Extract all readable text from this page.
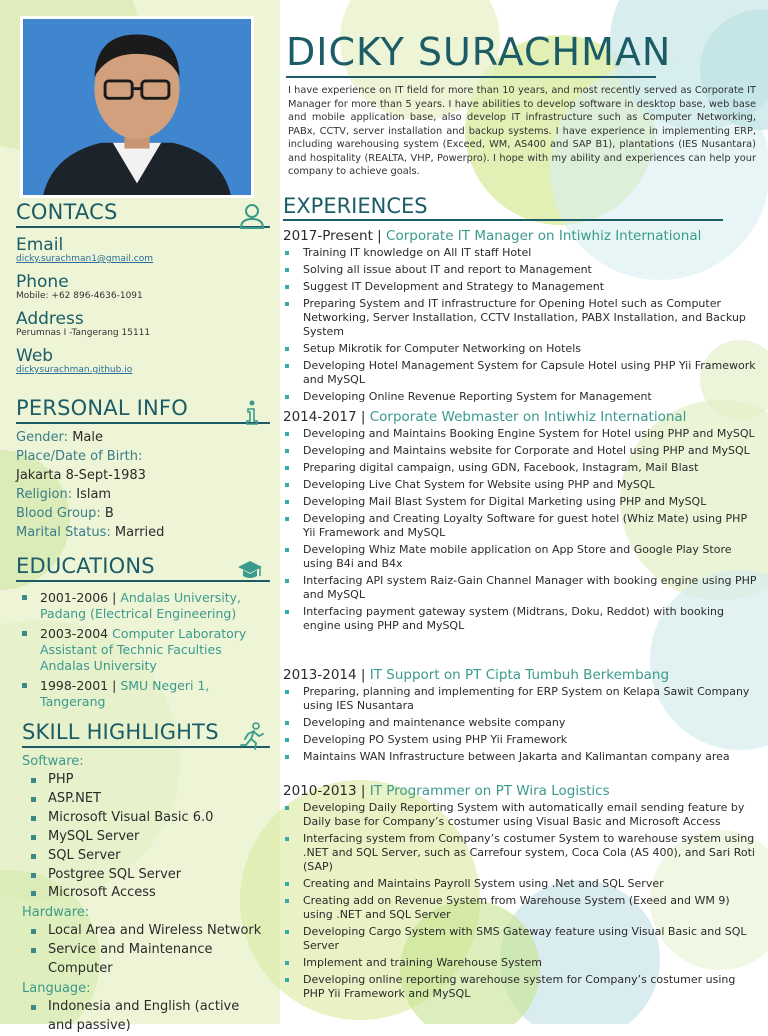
DICKY SURACHMAN
I have experience on IT field for more than 10 years, and most recently served as Corporate IT Manager for more than 5 years. I have abilities to develop software in desktop base, web base and mobile application base, also develop IT infrastructure such as Computer Networking, PABx, CCTV, server installation and backup systems. I have experience in implementing ERP, including warehousing system (Exceed, WM, AS400 and SAP B1), plantations (IES Nusantara) and hospitality (REALTA, VHP, Powerpro). I hope with my ability and experiences can help your company to achieve goals.
CONTACS
Email
dicky.surachman1@gmail.com
Phone
Mobile: +62 896-4636-1091
Address
Perumnas I -Tangerang 15111
Web
dickysurachman.github.io
PERSONAL INFO
Gender: Male
Place/Date of Birth:
Jakarta 8-Sept-1983
Religion: Islam
Blood Group: B
Marital Status: Married
EDUCATIONS
2001-2006 | Andalas University, Padang (Electrical Engineering)
2003-2004 Computer Laboratory Assistant of Technic Faculties Andalas University
1998-2001 | SMU Negeri 1, Tangerang
SKILL HIGHLIGHTS
Software:
PHP
ASP.NET
Microsoft Visual Basic 6.0
MySQL Server
SQL Server
Postgree SQL Server
Microsoft Access
Hardware:
Local Area and Wireless Network
Service and Maintenance Computer
Language:
Indonesia and English (active and passive)
EXPERIENCES
2017-Present | Corporate IT Manager on Intiwhiz International
Training IT knowledge on All IT staff Hotel
Solving all issue about IT and report to Management
Suggest IT Development and Strategy to Management
Preparing System and IT infrastructure for Opening Hotel such as Computer Networking, Server Installation, CCTV Installation, PABX Installation, and Backup System
Setup Mikrotik for Computer Networking on Hotels
Developing Hotel Management System for Capsule Hotel using PHP Yii Framework and MySQL
Developing Online Revenue Reporting System for Management
2014-2017 | Corporate Webmaster on Intiwhiz International
Developing and Maintains Booking Engine System for Hotel using PHP and MySQL
Developing and Maintains website for Corporate and Hotel using PHP and MySQL
Preparing digital campaign, using GDN, Facebook, Instagram, Mail Blast
Developing Live Chat System for Website using PHP and MySQL
Developing Mail Blast System for Digital Marketing using PHP and MySQL
Developing and Creating Loyalty Software for guest hotel (Whiz Mate) using PHP Yii Framework and MySQL
Developing Whiz Mate mobile application on App Store and Google Play Store using B4i and B4x
Interfacing API system Raiz-Gain Channel Manager with booking engine using PHP and MySQL
Interfacing payment gateway system (Midtrans, Doku, Reddot) with booking engine using PHP and MySQL
2013-2014 | IT Support on PT Cipta Tumbuh Berkembang
Preparing, planning and implementing for ERP System on Kelapa Sawit Company using IES Nusantara
Developing and maintenance website company
Developing PO System using PHP Yii Framework
Maintains WAN Infrastructure between Jakarta and Kalimantan company area
2010-2013 | IT Programmer on PT Wira Logistics
Developing Daily Reporting System with automatically email sending feature by Daily base for Company’s costumer using Visual Basic and Microsoft Access
Interfacing system from Company’s costumer System to warehouse system using .NET and SQL Server, such as Carrefour system, Coca Cola (AS 400), and Sari Roti (SAP)
Creating and Maintains Payroll System using .Net and SQL Server
Creating add on Revenue System from Warehouse System (Exeed and WM 9) using .NET and SQL Server
Developing Cargo System with SMS Gateway feature using Visual Basic and SQL Server
Implement and training Warehouse System
Developing online reporting warehouse system for Company’s costumer using PHP Yii Framework and MySQL
